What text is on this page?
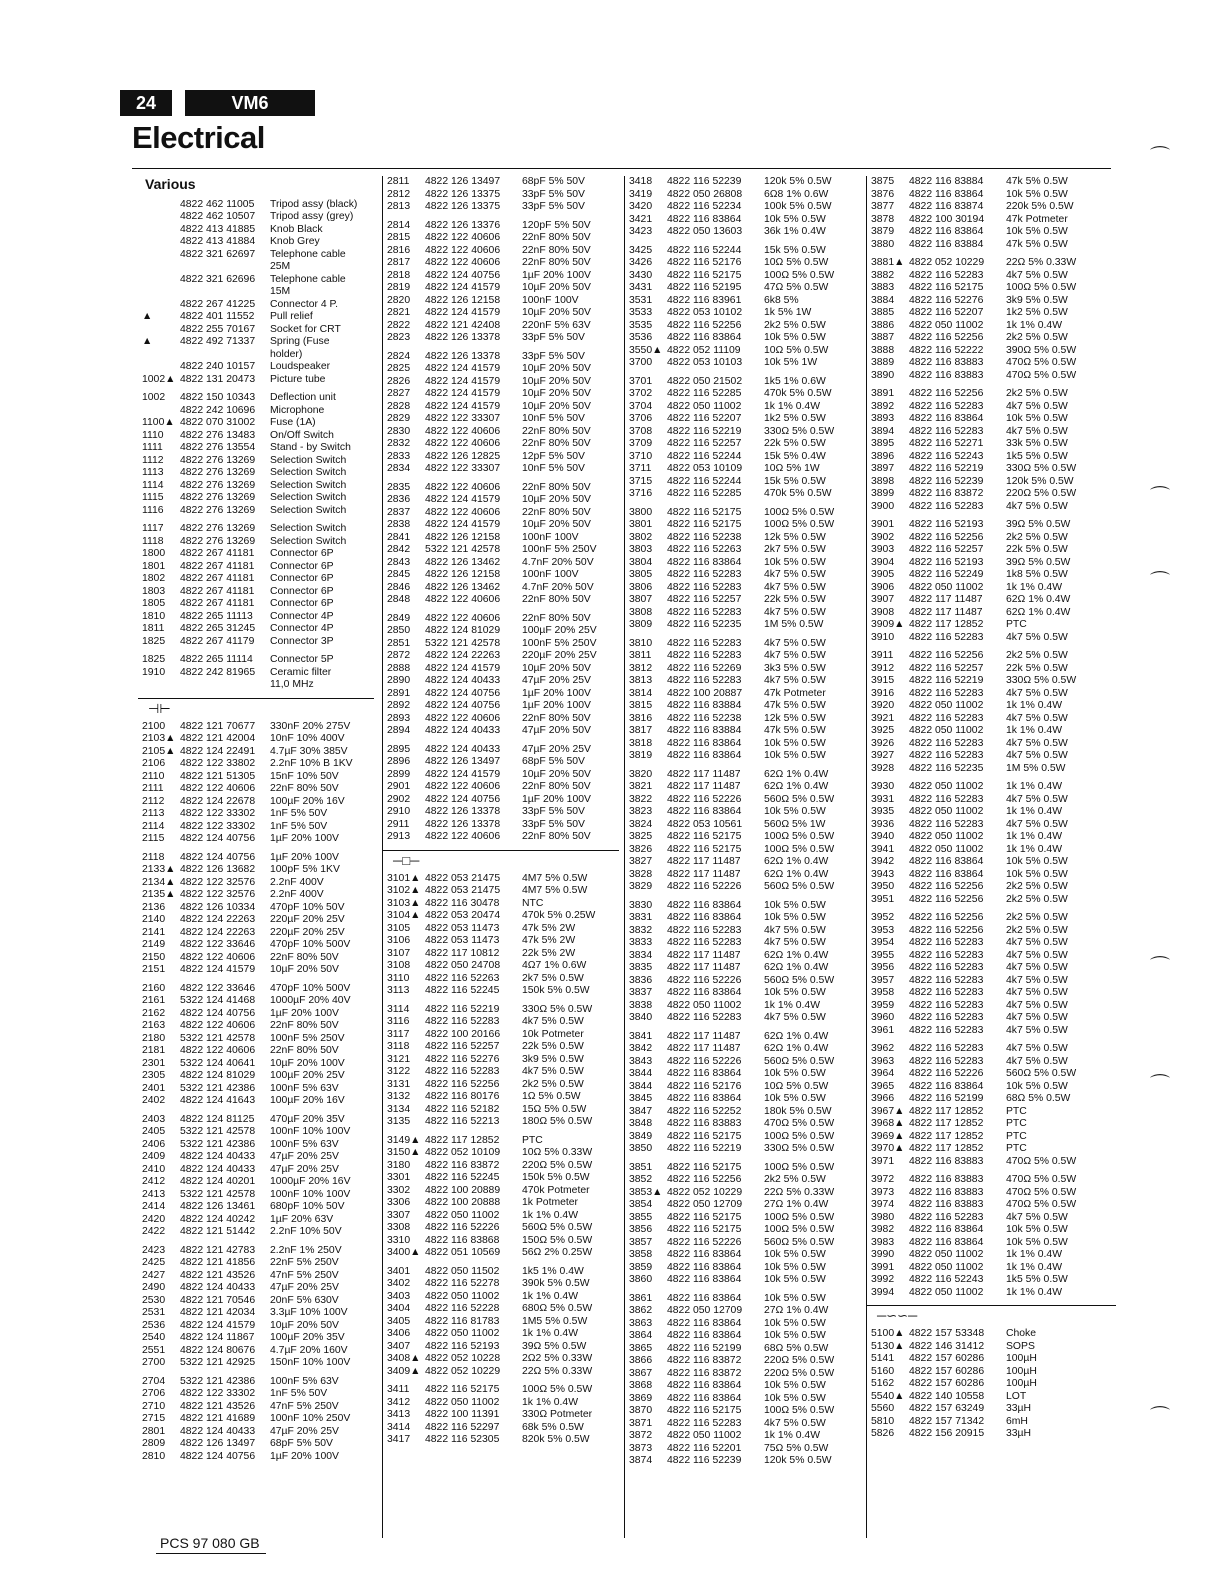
24	VM6
Electrical
Various
4822 462 11005	Tripod assy (black)
4822 462 10507	Tripod assy (grey)
4822 413 41885	Knob Black
4822 413 41884	Knob Grey
4822 321 62697	Telephone cable
25M
4822 321 62696	Telephone cable
15M
4822 267 41225	Connector 4 P.
▲	4822 401 11552	Pull relief
4822 255 70167	Socket for CRT
▲	4822 492 71337	Spring (Fuse
holder)
4822 240 10157	Loudspeaker
1002▲ 4822 131 20473	Picture tube
1002	4822 150 10343	Deflection unit
4822 242 10696	Microphone
1100▲ 4822 070 31002	Fuse (1A)
1110	4822 276 13483	On/Off Switch
1111	4822 276 13554	Stand - by Switch
1112	4822 276 13269	Selection Switch
1113	4822 276 13269	Selection Switch
1114	4822 276 13269	Selection Switch
1115	4822 276 13269	Selection Switch
1116	4822 276 13269	Selection Switch
1117	4822 276 13269	Selection Switch
1118	4822 276 13269	Selection Switch
1800	4822 267 41181	Connector 6P
1801	4822 267 41181	Connector 6P
1802	4822 267 41181	Connector 6P
1803	4822 267 41181	Connector 6P
1805	4822 267 41181	Connector 6P
1810	4822 265 11113	Connector 4P
1811	4822 265 31245	Connector 4P
1825	4822 267 41179	Connector 3P
1825	4822 265 11114	Connector 5P
1910	4822 242 81965	Ceramic filter
11,0 MHz
⊣⊢
2100	4822 121 70677	330nF 20% 275V
2103▲ 4822 121 42004	10nF 10% 400V
2105▲ 4822 124 22491	4.7µF 30% 385V
2106	4822 122 33802	2.2nF 10% B 1KV
2110	4822 121 51305	15nF 10% 50V
2111	4822 122 40606	22nF 80% 50V
2112	4822 124 22678	100µF 20% 16V
2113	4822 122 33302	1nF 5% 50V
2114	4822 122 33302	1nF 5% 50V
2115	4822 124 40756	1µF 20% 100V
2118	4822 124 40756	1µF 20% 100V
2133▲ 4822 126 13682	100pF 5% 1KV
2134▲ 4822 122 32576	2.2nF 400V
2135▲ 4822 122 32576	2.2nF 400V
2136	4822 126 10334	470pF 10% 50V
2140	4822 124 22263	220µF 20% 25V
2141	4822 124 22263	220µF 20% 25V
2149	4822 122 33646	470pF 10% 500V
2150	4822 122 40606	22nF 80% 50V
2151	4822 124 41579	10µF 20% 50V
2160	4822 122 33646	470pF 10% 500V
2161	5322 124 41468	1000µF 20% 40V
2162	4822 124 40756	1µF 20% 100V
2163	4822 122 40606	22nF 80% 50V
2180	5322 121 42578	100nF 5% 250V
2181	4822 122 40606	22nF 80% 50V
2301	5322 124 40641	10µF 20% 100V
2305	4822 124 81029	100µF 20% 25V
2401	5322 121 42386	100nF 5% 63V
2402	4822 124 41643	100µF 20% 16V
2403	4822 124 81125	470µF 20% 35V
2405	5322 121 42578	100nF 10% 100V
2406	5322 121 42386	100nF 5% 63V
2409	4822 124 40433	47µF 20% 25V
2410	4822 124 40433	47µF 20% 25V
2412	4822 124 40201	1000µF 20% 16V
2413	5322 121 42578	100nF 10% 100V
2414	4822 126 13461	680pF 10% 50V
2420	4822 124 40242	1µF 20% 63V
2422	4822 121 51442	2.2nF 10% 50V
2423	4822 121 42783	2.2nF 1% 250V
2425	4822 121 41856	22nF 5% 250V
2427	4822 121 43526	47nF 5% 250V
2490	4822 124 40433	47µF 20% 25V
2530	4822 121 70546	20nF 5% 630V
2531	4822 121 42034	3.3µF 10% 100V
2536	4822 124 41579	10µF 20% 50V
2540	4822 124 11867	100µF 20% 35V
2551	4822 124 80676	4.7µF 20% 160V
2700	5322 121 42925	150nF 10% 100V
2704	5322 121 42386	100nF 5% 63V
2706	4822 122 33302	1nF 5% 50V
2710	4822 121 43526	47nF 5% 250V
2715	4822 121 41689	100nF 10% 250V
2801	4822 124 40433	47µF 20% 25V
2809	4822 126 13497	68pF 5% 50V
2810	4822 124 40756	1µF 20% 100V
2811	4822 126 13497	68pF 5% 50V
2812	4822 126 13375	33pF 5% 50V
2813	4822 126 13375	33pF 5% 50V
2814	4822 126 13376	120pF 5% 50V
2815	4822 122 40606	22nF 80% 50V
2816	4822 122 40606	22nF 80% 50V
2817	4822 122 40606	22nF 80% 50V
2818	4822 124 40756	1µF 20% 100V
2819	4822 124 41579	10µF 20% 50V
2820	4822 126 12158	100nF 100V
2821	4822 124 41579	10µF 20% 50V
2822	4822 121 42408	220nF 5% 63V
2823	4822 126 13378	33pF 5% 50V
2824	4822 126 13378	33pF 5% 50V
2825	4822 124 41579	10µF 20% 50V
2826	4822 124 41579	10µF 20% 50V
2827	4822 124 41579	10µF 20% 50V
2828	4822 124 41579	10µF 20% 50V
2829	4822 122 33307	10nF 5% 50V
2830	4822 122 40606	22nF 80% 50V
2832	4822 122 40606	22nF 80% 50V
2833	4822 126 12825	12pF 5% 50V
2834	4822 122 33307	10nF 5% 50V
2835	4822 122 40606	22nF 80% 50V
2836	4822 124 41579	10µF 20% 50V
2837	4822 122 40606	22nF 80% 50V
2838	4822 124 41579	10µF 20% 50V
2841	4822 126 12158	100nF 100V
2842	5322 121 42578	100nF 5% 250V
2843	4822 126 13462	4.7nF 20% 50V
2845	4822 126 12158	100nF 100V
2846	4822 126 13462	4.7nF 20% 50V
2848	4822 122 40606	22nF 80% 50V
2849	4822 122 40606	22nF 80% 50V
2850	4822 124 81029	100µF 20% 25V
2851	5322 121 42578	100nF 5% 250V
2872	4822 124 22263	220µF 20% 25V
2888	4822 124 41579	10µF 20% 50V
2890	4822 124 40433	47µF 20% 25V
2891	4822 124 40756	1µF 20% 100V
2892	4822 124 40756	1µF 20% 100V
2893	4822 122 40606	22nF 80% 50V
2894	4822 124 40433	47µF 20% 50V
2895	4822 124 40433	47µF 20% 25V
2896	4822 126 13497	68pF 5% 50V
2899	4822 124 41579	10µF 20% 50V
2901	4822 122 40606	22nF 80% 50V
2902	4822 124 40756	1µF 20% 100V
2910	4822 126 13378	33pF 5% 50V
2911	4822 126 13378	33pF 5% 50V
2913	4822 122 40606	22nF 80% 50V
─□─
3101▲ 4822 053 21475	4M7 5% 0.5W
3102▲ 4822 053 21475	4M7 5% 0.5W
3103▲ 4822 116 30478	NTC
3104▲ 4822 053 20474	470k 5% 0.25W
3105	4822 053 11473	47k 5% 2W
3106	4822 053 11473	47k 5% 2W
3107	4822 117 10812	22k 5% 2W
3108	4822 050 24708	4Ω7 1% 0.6W
3110	4822 116 52263	2k7 5% 0.5W
3113	4822 116 52245	150k 5% 0.5W
3114	4822 116 52219	330Ω 5% 0.5W
3116	4822 116 52283	4k7 5% 0.5W
3117	4822 100 20166	10k Potmeter
3118	4822 116 52257	22k 5% 0.5W
3121	4822 116 52276	3k9 5% 0.5W
3122	4822 116 52283	4k7 5% 0.5W
3131	4822 116 52256	2k2 5% 0.5W
3132	4822 116 80176	1Ω 5% 0.5W
3134	4822 116 52182	15Ω 5% 0.5W
3135	4822 116 52213	180Ω 5% 0.5W
3149▲ 4822 117 12852	PTC
3150▲ 4822 052 10109	10Ω 5% 0.33W
3180	4822 116 83872	220Ω 5% 0.5W
3301	4822 116 52245	150k 5% 0.5W
3302	4822 100 20889	470k Potmeter
3306	4822 100 20888	1k Potmeter
3307	4822 050 11002	1k 1% 0.4W
3308	4822 116 52226	560Ω 5% 0.5W
3310	4822 116 83868	150Ω 5% 0.5W
3400▲ 4822 051 10569	56Ω 2% 0.25W
3401	4822 050 11502	1k5 1% 0.4W
3402	4822 116 52278	390k 5% 0.5W
3403	4822 050 11002	1k 1% 0.4W
3404	4822 116 52228	680Ω 5% 0.5W
3405	4822 116 81783	1M5 5% 0.5W
3406	4822 050 11002	1k 1% 0.4W
3407	4822 116 52193	39Ω 5% 0.5W
3408▲ 4822 052 10228	2Ω2 5% 0.33W
3409▲ 4822 052 10229	22Ω 5% 0.33W
3411	4822 116 52175	100Ω 5% 0.5W
3412	4822 050 11002	1k 1% 0.4W
3413	4822 100 11391	330Ω Potmeter
3414	4822 116 52297	68k 5% 0.5W
3417	4822 116 52305	820k 5% 0.5W
3418	4822 116 52239	120k 5% 0.5W
3419	4822 050 26808	6Ω8 1% 0.6W
3420	4822 116 52234	100k 5% 0.5W
3421	4822 116 83864	10k 5% 0.5W
3423	4822 050 13603	36k 1% 0.4W
3425	4822 116 52244	15k 5% 0.5W
3426	4822 116 52176	10Ω 5% 0.5W
3430	4822 116 52175	100Ω 5% 0.5W
3431	4822 116 52195	47Ω 5% 0.5W
3531	4822 116 83961	6k8 5%
3533	4822 053 10102	1k 5% 1W
3535	4822 116 52256	2k2 5% 0.5W
3536	4822 116 83864	10k 5% 0.5W
3550▲ 4822 052 11109	10Ω 5% 0.5W
3700	4822 053 10103	10k 5% 1W
3701	4822 050 21502	1k5 1% 0.6W
3702	4822 116 52285	470k 5% 0.5W
3704	4822 050 11002	1k 1% 0.4W
3706	4822 116 52207	1k2 5% 0.5W
3708	4822 116 52219	330Ω 5% 0.5W
3709	4822 116 52257	22k 5% 0.5W
3710	4822 116 52244	15k 5% 0.4W
3711	4822 053 10109	10Ω 5% 1W
3715	4822 116 52244	15k 5% 0.5W
3716	4822 116 52285	470k 5% 0.5W
3800	4822 116 52175	100Ω 5% 0.5W
3801	4822 116 52175	100Ω 5% 0.5W
3802	4822 116 52238	12k 5% 0.5W
3803	4822 116 52263	2k7 5% 0.5W
3804	4822 116 83864	10k 5% 0.5W
3805	4822 116 52283	4k7 5% 0.5W
3806	4822 116 52283	4k7 5% 0.5W
3807	4822 116 52257	22k 5% 0.5W
3808	4822 116 52283	4k7 5% 0.5W
3809	4822 116 52235	1M 5% 0.5W
3810	4822 116 52283	4k7 5% 0.5W
3811	4822 116 52283	4k7 5% 0.5W
3812	4822 116 52269	3k3 5% 0.5W
3813	4822 116 52283	4k7 5% 0.5W
3814	4822 100 20887	47k Potmeter
3815	4822 116 83884	47k 5% 0.5W
3816	4822 116 52238	12k 5% 0.5W
3817	4822 116 83884	47k 5% 0.5W
3818	4822 116 83864	10k 5% 0.5W
3819	4822 116 83864	10k 5% 0.5W
3820	4822 117 11487	62Ω 1% 0.4W
3821	4822 117 11487	62Ω 1% 0.4W
3822	4822 116 52226	560Ω 5% 0.5W
3823	4822 116 83864	10k 5% 0.5W
3824	4822 053 10561	560Ω 5% 1W
3825	4822 116 52175	100Ω 5% 0.5W
3826	4822 116 52175	100Ω 5% 0.5W
3827	4822 117 11487	62Ω 1% 0.4W
3828	4822 117 11487	62Ω 1% 0.4W
3829	4822 116 52226	560Ω 5% 0.5W
3830	4822 116 83864	10k 5% 0.5W
3831	4822 116 83864	10k 5% 0.5W
3832	4822 116 52283	4k7 5% 0.5W
3833	4822 116 52283	4k7 5% 0.5W
3834	4822 117 11487	62Ω 1% 0.4W
3835	4822 117 11487	62Ω 1% 0.4W
3836	4822 116 52226	560Ω 5% 0.5W
3837	4822 116 83864	10k 5% 0.5W
3838	4822 050 11002	1k 1% 0.4W
3840	4822 116 52283	4k7 5% 0.5W
3841	4822 117 11487	62Ω 1% 0.4W
3842	4822 117 11487	62Ω 1% 0.4W
3843	4822 116 52226	560Ω 5% 0.5W
3844	4822 116 83864	10k 5% 0.5W
3844	4822 116 52176	10Ω 5% 0.5W
3845	4822 116 83864	10k 5% 0.5W
3847	4822 116 52252	180k 5% 0.5W
3848	4822 116 83883	470Ω 5% 0.5W
3849	4822 116 52175	100Ω 5% 0.5W
3850	4822 116 52219	330Ω 5% 0.5W
3851	4822 116 52175	100Ω 5% 0.5W
3852	4822 116 52256	2k2 5% 0.5W
3853▲ 4822 052 10229	22Ω 5% 0.33W
3854	4822 050 12709	27Ω 1% 0.4W
3855	4822 116 52175	100Ω 5% 0.5W
3856	4822 116 52175	100Ω 5% 0.5W
3857	4822 116 52226	560Ω 5% 0.5W
3858	4822 116 83864	10k 5% 0.5W
3859	4822 116 83864	10k 5% 0.5W
3860	4822 116 83864	10k 5% 0.5W
3861	4822 116 83864	10k 5% 0.5W
3862	4822 050 12709	27Ω 1% 0.4W
3863	4822 116 83864	10k 5% 0.5W
3864	4822 116 83864	10k 5% 0.5W
3865	4822 116 52199	68Ω 5% 0.5W
3866	4822 116 83872	220Ω 5% 0.5W
3867	4822 116 83872	220Ω 5% 0.5W
3868	4822 116 83864	10k 5% 0.5W
3869	4822 116 83864	10k 5% 0.5W
3870	4822 116 52175	100Ω 5% 0.5W
3871	4822 116 52283	4k7 5% 0.5W
3872	4822 050 11002	1k 1% 0.4W
3873	4822 116 52201	75Ω 5% 0.5W
3874	4822 116 52239	120k 5% 0.5W
3875	4822 116 83884	47k 5% 0.5W
3876	4822 116 83864	10k 5% 0.5W
3877	4822 116 83874	220k 5% 0.5W
3878	4822 100 30194	47k Potmeter
3879	4822 116 83864	10k 5% 0.5W
3880	4822 116 83884	47k 5% 0.5W
3881▲ 4822 052 10229	22Ω 5% 0.33W
3882	4822 116 52283	4k7 5% 0.5W
3883	4822 116 52175	100Ω 5% 0.5W
3884	4822 116 52276	3k9 5% 0.5W
3885	4822 116 52207	1k2 5% 0.5W
3886	4822 050 11002	1k 1% 0.4W
3887	4822 116 52256	2k2 5% 0.5W
3888	4822 116 52222	390Ω 5% 0.5W
3889	4822 116 83883	470Ω 5% 0.5W
3890	4822 116 83883	470Ω 5% 0.5W
3891	4822 116 52256	2k2 5% 0.5W
3892	4822 116 52283	4k7 5% 0.5W
3893	4822 116 83864	10k 5% 0.5W
3894	4822 116 52283	4k7 5% 0.5W
3895	4822 116 52271	33k 5% 0.5W
3896	4822 116 52243	1k5 5% 0.5W
3897	4822 116 52219	330Ω 5% 0.5W
3898	4822 116 52239	120k 5% 0.5W
3899	4822 116 83872	220Ω 5% 0.5W
3900	4822 116 52283	4k7 5% 0.5W
3901	4822 116 52193	39Ω 5% 0.5W
3902	4822 116 52256	2k2 5% 0.5W
3903	4822 116 52257	22k 5% 0.5W
3904	4822 116 52193	39Ω 5% 0.5W
3905	4822 116 52249	1k8 5% 0.5W
3906	4822 050 11002	1k 1% 0.4W
3907	4822 117 11487	62Ω 1% 0.4W
3908	4822 117 11487	62Ω 1% 0.4W
3909▲ 4822 117 12852	PTC
3910	4822 116 52283	4k7 5% 0.5W
3911	4822 116 52256	2k2 5% 0.5W
3912	4822 116 52257	22k 5% 0.5W
3915	4822 116 52219	330Ω 5% 0.5W
3916	4822 116 52283	4k7 5% 0.5W
3920	4822 050 11002	1k 1% 0.4W
3921	4822 116 52283	4k7 5% 0.5W
3925	4822 050 11002	1k 1% 0.4W
3926	4822 116 52283	4k7 5% 0.5W
3927	4822 116 52283	4k7 5% 0.5W
3928	4822 116 52235	1M 5% 0.5W
3930	4822 050 11002	1k 1% 0.4W
3931	4822 116 52283	4k7 5% 0.5W
3935	4822 050 11002	1k 1% 0.4W
3936	4822 116 52283	4k7 5% 0.5W
3940	4822 050 11002	1k 1% 0.4W
3941	4822 050 11002	1k 1% 0.4W
3942	4822 116 83864	10k 5% 0.5W
3943	4822 116 83864	10k 5% 0.5W
3950	4822 116 52256	2k2 5% 0.5W
3951	4822 116 52256	2k2 5% 0.5W
3952	4822 116 52256	2k2 5% 0.5W
3953	4822 116 52256	2k2 5% 0.5W
3954	4822 116 52283	4k7 5% 0.5W
3955	4822 116 52283	4k7 5% 0.5W
3956	4822 116 52283	4k7 5% 0.5W
3957	4822 116 52283	4k7 5% 0.5W
3958	4822 116 52283	4k7 5% 0.5W
3959	4822 116 52283	4k7 5% 0.5W
3960	4822 116 52283	4k7 5% 0.5W
3961	4822 116 52283	4k7 5% 0.5W
3962	4822 116 52283	4k7 5% 0.5W
3963	4822 116 52283	4k7 5% 0.5W
3964	4822 116 52226	560Ω 5% 0.5W
3965	4822 116 83864	10k 5% 0.5W
3966	4822 116 52199	68Ω 5% 0.5W
3967▲ 4822 117 12852	PTC
3968▲ 4822 117 12852	PTC
3969▲ 4822 117 12852	PTC
3970▲ 4822 117 12852	PTC
3971	4822 116 83883	470Ω 5% 0.5W
3972	4822 116 83883	470Ω 5% 0.5W
3973	4822 116 83883	470Ω 5% 0.5W
3974	4822 116 83883	470Ω 5% 0.5W
3980	4822 116 52283	4k7 5% 0.5W
3982	4822 116 83864	10k 5% 0.5W
3983	4822 116 83864	10k 5% 0.5W
3990	4822 050 11002	1k 1% 0.4W
3991	4822 050 11002	1k 1% 0.4W
3992	4822 116 52243	1k5 5% 0.5W
3994	4822 050 11002	1k 1% 0.4W
─∽∽─
5100▲ 4822 157 53348	Choke
5130▲ 4822 146 31412	SOPS
5141	4822 157 60286	100µH
5160	4822 157 60286	100µH
5162	4822 157 60286	100µH
5540▲ 4822 140 10558	LOT
5560	4822 157 63249	33µH
5810	4822 157 71342	6mH
5826	4822 156 20915	33µH
⌒
⌒
⌒
⌒
⌒
⌒
PCS 97 080 GB
